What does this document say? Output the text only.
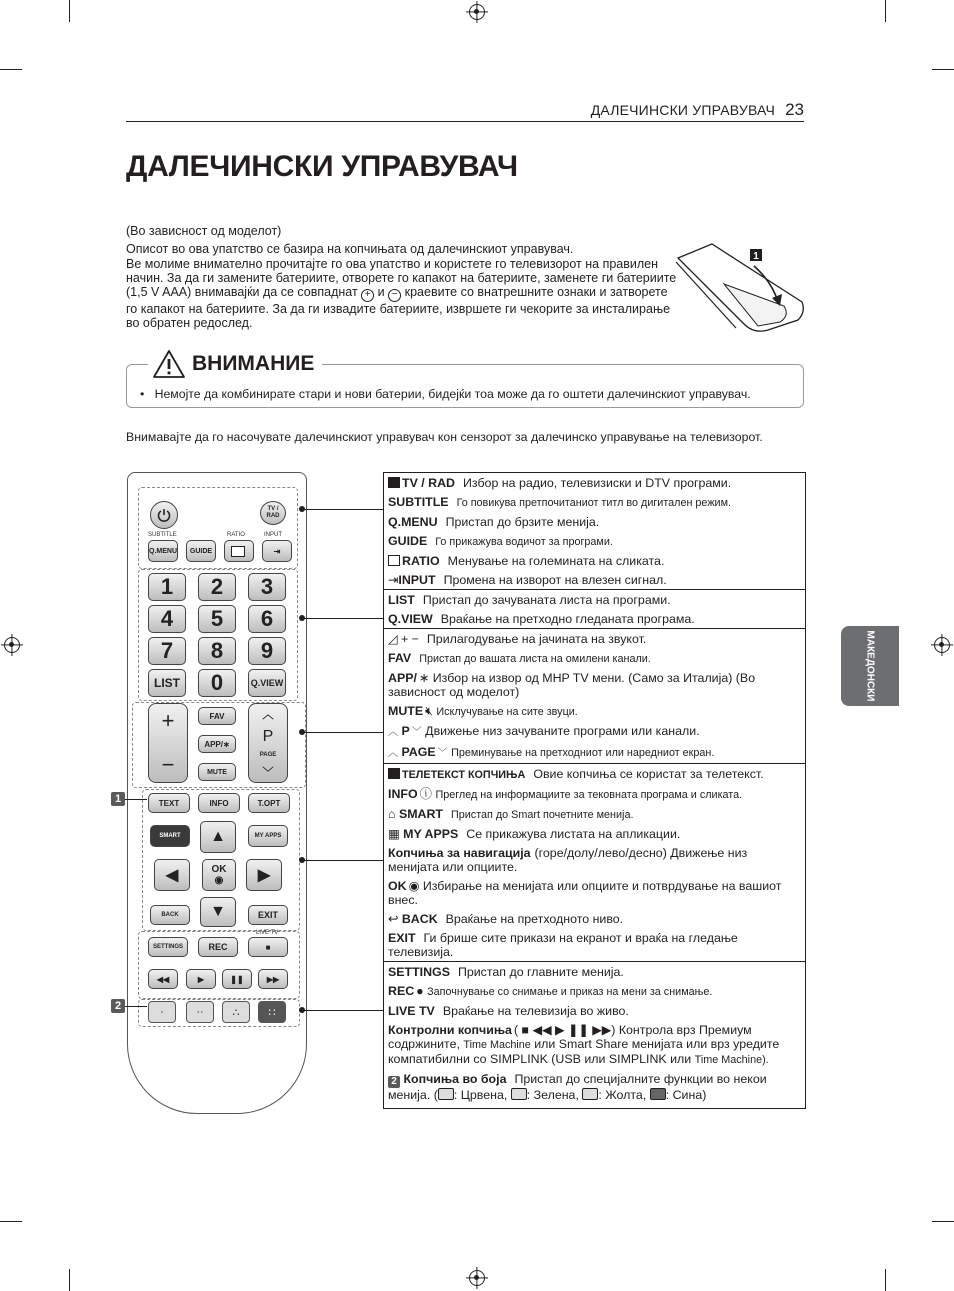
ДАЛЕЧИНСКИ УПРАВУВАЧ 23
ДАЛЕЧИНСКИ УПРАВУВАЧ

(Во зависност од моделот)

Описот во ова упатство се базира на копчињата од далечинскиот управувач.

Ве молиме внимателно прочитајте го ова упатство и користете го телевизорот на правилен начин. За да ги замените батериите, отворете го капакот на батериите, заменете ги батериите (1,5 V AAA) внимавајќи да се совпаднат + и − краевите со внатрешните ознаки и затворете го капакот на батериите. За да ги извадите батериите, извршете ги чекорите за инсталирање во обратен редослед.

1
ВНИМАНИЕ
•   Немојте да комбинирате стари и нови батерии, бидејќи тоа може да го оштети далечинскиот управувач.
Внимавајте да го насочувате далечинскиот управувач кон сензорот за далечинско управување на телевизорот.
МАКЕДОНСКИ
TV / RAD
SUBTITLE	RATIO	INPUT
Q.MENU	GUIDE	⇥
1	2	3
4	5	6
7	8	9
LIST	0	Q.VIEW
+
−
FAV
APP/∗
MUTE
︿
P
PAGE
﹀
TEXT	INFO	T.OPT
SMART	MY APPS
▲
◀	OK
◉ ▶
▼
BACK	EXIT
SETTINGS	REC
LIVE TV
■
◀◀	▶	❚❚	▶▶
·	··	∴	∷
1
2
TV / RAD Избор на радио, телевизиски и DTV програми.
SUBTITLE Го повикува претпочитаниот титл во дигитален режим.
Q.MENU Пристап до брзите менија.
GUIDE Го прикажува водичот за програми.
RATIO Менување на големината на сликата.
⇥INPUT Промена на изворот на влезен сигнал.
LIST Пристап до зачуваната листа на програми.
Q.VIEW Враќање на претходно гледаната програма.
◿ + − Прилагодување на јачината на звукот.
FAV Пристап до вашата листа на омилени канали.
APP/ ∗ Избор на извор од MHP TV мени. (Само за Италија) (Во зависност од моделот)
MUTE 🔇︎ Исклучување на сите звуци.
︿ P ﹀ Движење низ зачуваните програми или канали.
︿ PAGE ﹀ Преминување на претходниот или наредниот екран.
ТЕЛЕТЕКСТ КОПЧИЊА Овие копчиња се користат за телетекст.
INFO ⓘ Преглед на информациите за тековната програма и сликата.
⌂ SMART Пристап до Smart почетните менија.
▦ MY APPS Се прикажува листата на апликации.
Копчиња за навигација (горе/долу/лево/десно) Движење низ менијата или опциите.
OK ◉ Избирање на менијата или опциите и потврдување на вашиот внес.
↩ BACK Враќање на претходното ниво.
EXIT Ги брише сите прикази на екранот и враќа на гледање телевизија.
SETTINGS Пристап до главните менија.
REC ● Започнување со снимање и приказ на мени за снимање.
LIVE TV Враќање на телевизија во живо.
Контролни копчиња ( ■ ◀◀ ▶ ❚❚ ▶▶) Контрола врз Премиум содржините, Time Machine или Smart Share менијата или врз уредите компатибилни со SIMPLINK (USB или SIMPLINK или Time Machine).
2 Копчиња во боја Пристап до специјалните функции во некои менија. ( : Црвена, : Зелена, : Жолта, : Сина)
